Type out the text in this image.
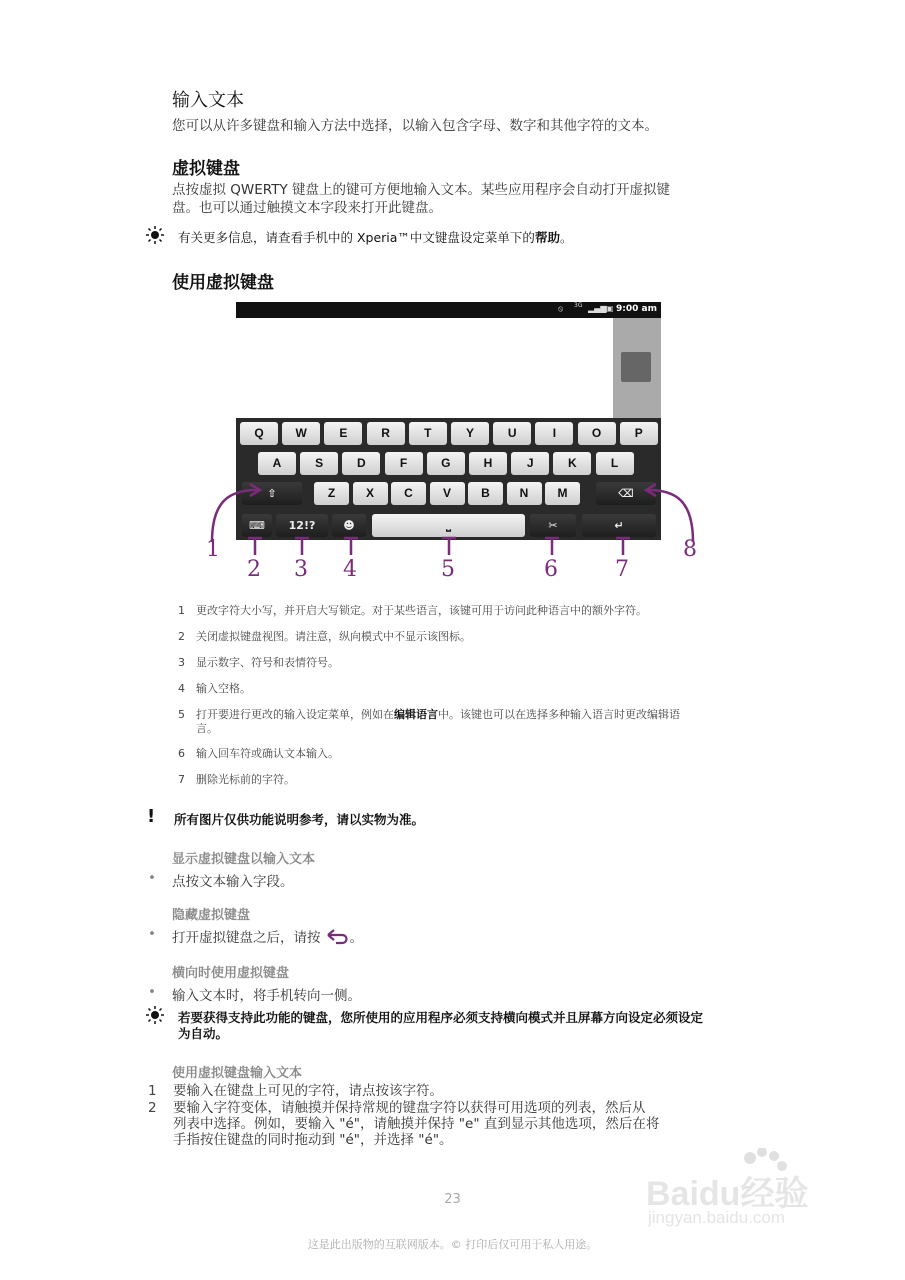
输入文本
您可以从许多键盘和输入方法中选择，以输入包含字母、数字和其他字符的文本。
虚拟键盘
点按虚拟 QWERTY 键盘上的键可方便地输入文本。某些应用程序会自动打开虚拟键
盘。也可以通过触摸文本字段来打开此键盘。
有关更多信息，请查看手机中的 Xperia™中文键盘设定菜单下的帮助。
使用虚拟键盘
⦸ 3G ▂▄▆ ▣ 9:00 am
Q	W	E	R	T	Y	U	I	O	P
A	S	D	F	G	H	J	K	L
Z	X	C	V	B	N	M
⇧	⌫
⌨	12!?	☻	⎵	✂	↵
1
2 3 4	5	6	7
8
1 更改字符大小写，并开启大写锁定。对于某些语言，该键可用于访问此种语言中的额外字符。
2 关闭虚拟键盘视图。请注意，纵向模式中不显示该图标。
3 显示数字、符号和表情符号。
4 输入空格。
5 打开要进行更改的输入设定菜单，例如在编辑语言中。该键也可以在选择多种输入语言时更改编辑语
言。
6 输入回车符或确认文本输入。
7 删除光标前的字符。
! 所有图片仅供功能说明参考，请以实物为准。
显示虚拟键盘以输入文本
• 点按文本输入字段。
隐藏虚拟键盘
• 打开虚拟键盘之后，请按 。
横向时使用虚拟键盘
• 输入文本时，将手机转向一侧。
若要获得支持此功能的键盘，您所使用的应用程序必须支持横向模式并且屏幕方向设定必须设定
为自动。
使用虚拟键盘输入文本
1 要输入在键盘上可见的字符，请点按该字符。
2 要输入字符变体，请触摸并保持常规的键盘字符以获得可用选项的列表，然后从
列表中选择。例如，要输入 "é"，请触摸并保持 "e" 直到显示其他选项，然后在将
手指按住键盘的同时拖动到 "é"，并选择 "é"。
23
这是此出版物的互联网版本。© 打印后仅可用于私人用途。
Baidu经验
jingyan.baidu.com
